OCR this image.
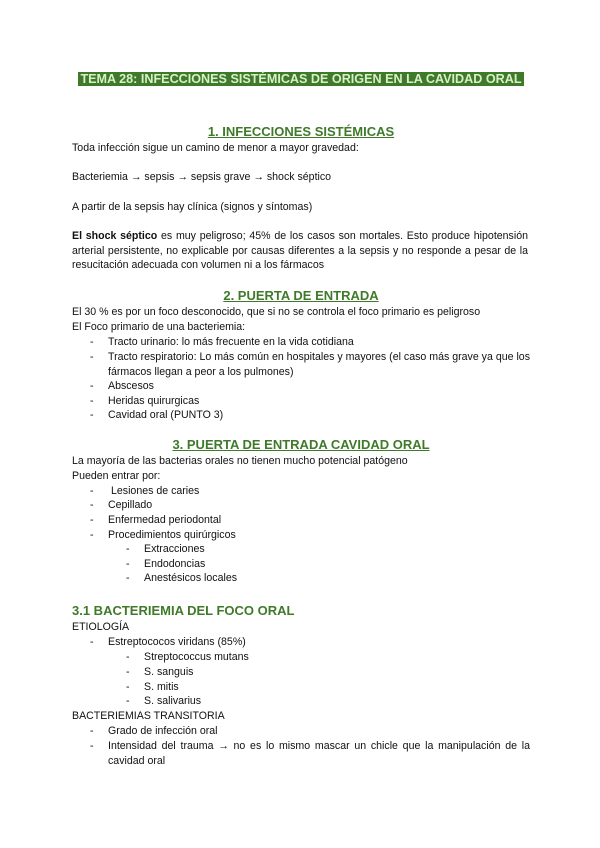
TEMA 28: INFECCIONES SISTÉMICAS DE ORIGEN EN LA CAVIDAD ORAL
1. INFECCIONES SISTÉMICAS
Toda infección sigue un camino de menor a mayor gravedad:
Bacteriemia → sepsis → sepsis grave → shock séptico
A partir de la sepsis hay clínica (signos y síntomas)
El shock séptico es muy peligroso; 45% de los casos son mortales. Esto produce hipotensión arterial persistente, no explicable por causas diferentes a la sepsis y no responde a pesar de la resucitación adecuada con volumen ni a los fármacos
2. PUERTA DE ENTRADA
El 30 % es por un foco desconocido, que si no se controla el foco primario es peligroso
El Foco primario de una bacteriemia:
- Tracto urinario: lo más frecuente en la vida cotidiana
- Tracto respiratorio: Lo más común en hospitales y mayores (el caso más grave ya que los fármacos llegan a peor a los pulmones)
- Abscesos
- Heridas quirurgicas
- Cavidad oral (PUNTO 3)
3. PUERTA DE ENTRADA CAVIDAD ORAL
La mayoría de las bacterias orales no tienen mucho potencial patógeno
Pueden entrar por:
- Lesiones de caries
- Cepillado
- Enfermedad periodontal
- Procedimientos quirúrgicos
- Extracciones
- Endodoncias
- Anestésicos locales
3.1 BACTERIEMIA DEL FOCO ORAL
ETIOLOGÍA
- Estreptococos viridans (85%)
- Streptococcus mutans
- S. sanguis
- S. mitis
- S. salivarius
BACTERIEMIAS TRANSITORIA
- Grado de infección oral
- Intensidad del trauma → no es lo mismo mascar un chicle que la manipulación de la cavidad oral
